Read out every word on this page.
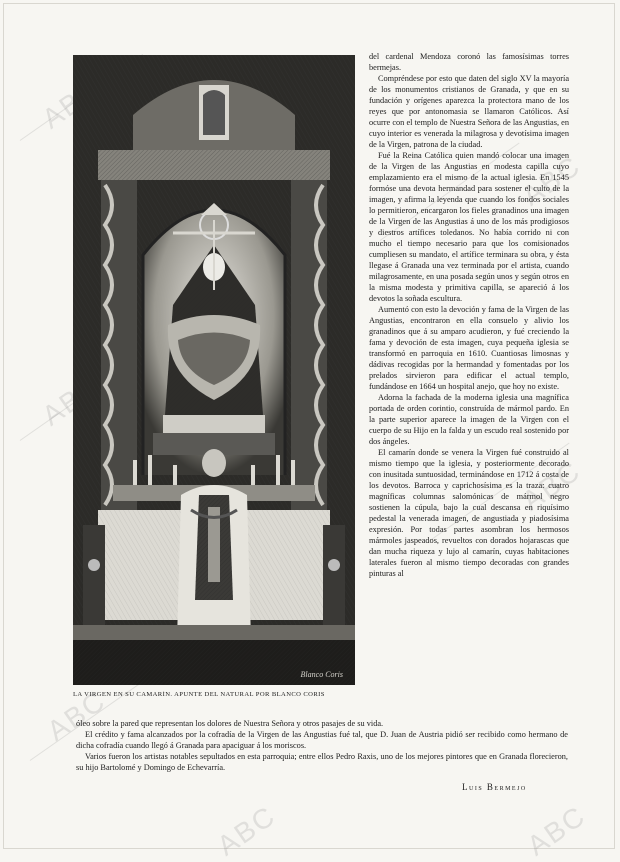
ABC
ABC
ABC
ABC
ABC
ABC	ABC
Blanco Coris
LA VIRGEN EN SU CAMARÍN. APUNTE DEL NATURAL POR BLANCO CORIS

del cardenal Mendoza coronó las famosísimas torres bermejas.

Compréndese por esto que daten del siglo XV la mayoría de los monumentos cristianos de Granada, y que en su fundación y orígenes aparezca la protectora mano de los reyes que por antonomasia se llamaron Católicos. Así ocurre con el templo de Nuestra Señora de las Angustias, en cuyo interior es venerada la milagrosa y devotísima imagen de la Virgen, patrona de la ciudad.

Fué la Reina Católica quien mandó colocar una imagen de la Virgen de las Angustias en modesta capilla cuyo emplazamiento era el mismo de la actual iglesia. En 1545 formóse una devota hermandad para sostener el culto de la imagen, y afirma la leyenda que cuando los fondos sociales lo permitieron, encargaron los fieles granadinos una imagen de la Virgen de las Angustias á uno de los más prodigiosos y diestros artífices toledanos. No había corrido ni con mucho el tiempo necesario para que los comisionados cumpliesen su mandato, el artífice terminara su obra, y ésta llegase á Granada una vez terminada por el artista, cuando milagrosamente, en una posada según unos y según otros en la misma modesta y primitiva capilla, se apareció á los devotos la soñada escultura.

Aumentó con esto la devoción y fama de la Virgen de las Angustias, encontraron en ella consuelo y alivio los granadinos que á su amparo acudieron, y fué creciendo la fama y devoción de esta imagen, cuya pequeña iglesia se transformó en parroquia en 1610. Cuantiosas limosnas y dádivas recogidas por la hermandad y fomentadas por los prelados sirvieron para edificar el actual templo, fundándose en 1664 un hospital anejo, que hoy no existe.

Adorna la fachada de la moderna iglesia una magnífica portada de orden corintio, construída de mármol pardo. En la parte superior aparece la imagen de la Virgen con el cuerpo de su Hijo en la falda y un escudo real sostenido por dos ángeles.

El camarín donde se venera la Virgen fué construido al mismo tiempo que la iglesia, y posteriormente decorado con inusitada suntuosidad, terminándose en 1712 á costa de los devotos. Barroca y caprichosísima es la traza: cuatro magníficas columnas salomónicas de mármol negro sostienen la cúpula, bajo la cual descansa en riquísimo pedestal la venerada imagen, de angustiada y piadosísima expresión. Por todas partes asombran los hermosos mármoles jaspeados, revueltos con dorados hojarascas que dan mucha riqueza y lujo al camarín, cuyas habitaciones laterales fueron al mismo tiempo decoradas con grandes pinturas al

óleo sobre la pared que representan los dolores de Nuestra Señora y otros pasajes de su vida.

El crédito y fama alcanzados por la cofradía de la Virgen de las Angustias fué tal, que D. Juan de Austria pidió ser recibido como hermano de dicha cofradía cuando llegó á Granada para apaciguar á los moriscos.

Varios fueron los artistas notables sepultados en esta parroquia; entre ellos Pedro Raxis, uno de los mejores pintores que en Granada florecieron, su hijo Bartolomé y Domingo de Echevarría.

Luis Bermejo
